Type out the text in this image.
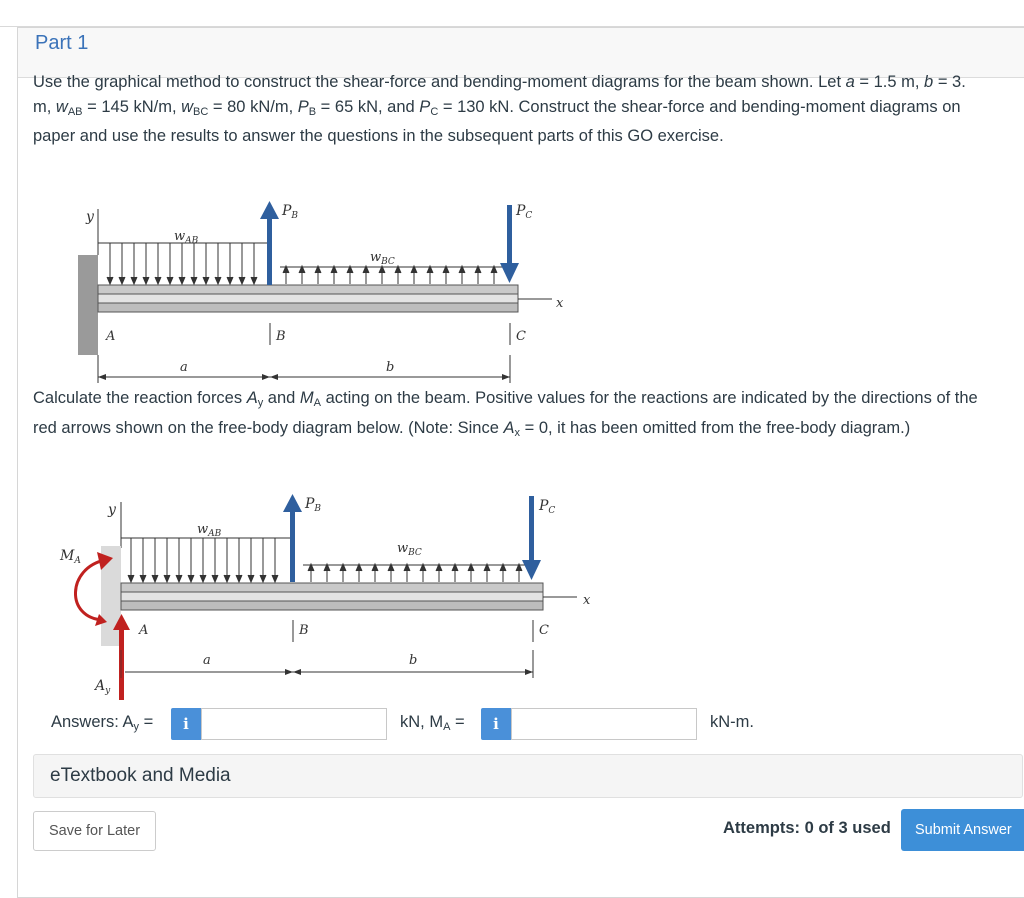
Part 1
Use the graphical method to construct the shear-force and bending-moment diagrams for the beam shown. Let a = 1.5 m, b = 3.
m, $w_{AB} = 145$ kN/m, $w_{BC} = 80$ kN/m, $P_B = 65$ kN, and $P_C = 130$ kN. Construct the shear-force and bending-moment diagrams on
paper and use the results to answer the questions in the subsequent parts of this GO exercise.
y
$w_{AB}$
$w_{BC}$
$P_B$	$P_C$
x
A	B	C
a	b
Calculate the reaction forces $A_y$ and $M_A$ acting on the beam. Positive values for the reactions are indicated by the directions of the
red arrows shown on the free-body diagram below. (Note: Since $A_x = 0$, it has been omitted from the free-body diagram.)
y
$M_A$
$w_{AB}$
$w_{BC}$
$P_B$	$P_C$
x
A
$A_y$
B	C
a	b
Answers: $A_y$ =	i	kN, $M_A$ =	i	kN-m.
eTextbook and Media
Save for Later	Attempts: 0 of 3 used	Submit Answer
